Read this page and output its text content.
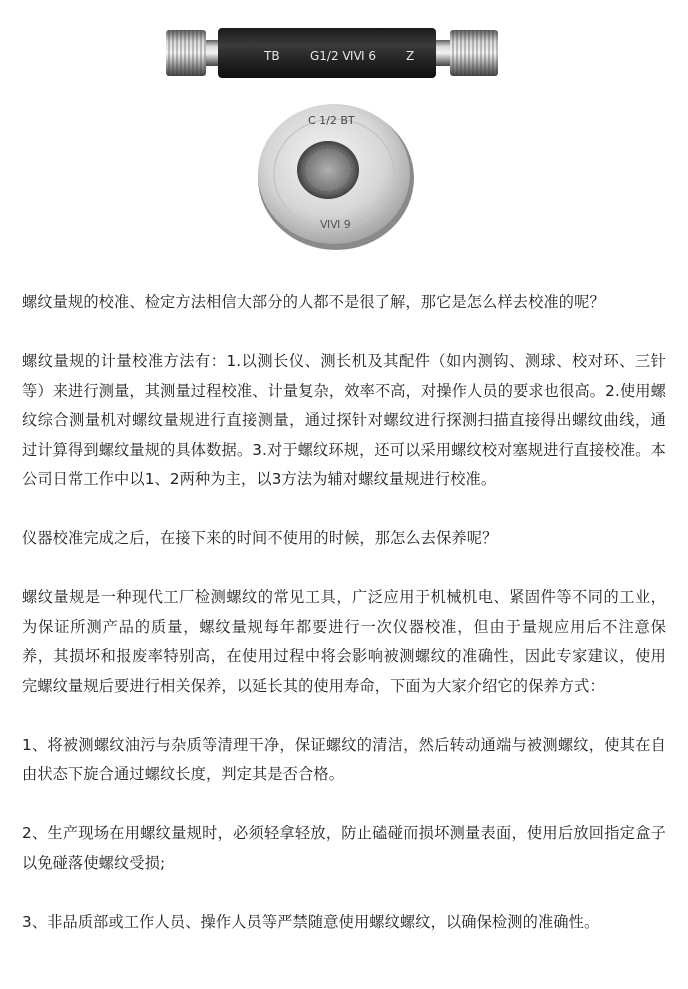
TB	G1/2 ⅥⅥ 6 Z
C 1/2 BT
ⅥⅥ 9

螺纹量规的校准、检定方法相信大部分的人都不是很了解，那它是怎么样去校准的呢？

螺纹量规的计量校准方法有：1.以测长仪、测长机及其配件（如内测钩、测球、校对环、三针等）来进行测量，其测量过程校准、计量复杂，效率不高，对操作人员的要求也很高。2.使用螺纹综合测量机对螺纹量规进行直接测量，通过探针对螺纹进行探测扫描直接得出螺纹曲线，通过计算得到螺纹量规的具体数据。3.对于螺纹环规，还可以采用螺纹校对塞规进行直接校准。本公司日常工作中以1、2两种为主，以3方法为辅对螺纹量规进行校准。

仪器校准完成之后，在接下来的时间不使用的时候，那怎么去保养呢？

螺纹量规是一种现代工厂检测螺纹的常见工具，广泛应用于机械机电、紧固件等不同的工业，为保证所测产品的质量，螺纹量规每年都要进行一次仪器校准，但由于量规应用后不注意保养，其损坏和报废率特别高，在使用过程中将会影响被测螺纹的准确性，因此专家建议，使用完螺纹量规后要进行相关保养，以延长其的使用寿命，下面为大家介绍它的保养方式：

1、将被测螺纹油污与杂质等清理干净，保证螺纹的清洁，然后转动通端与被测螺纹，使其在自由状态下旋合通过螺纹长度，判定其是否合格。

2、生产现场在用螺纹量规时，必须轻拿轻放，防止磕碰而损坏测量表面，使用后放回指定盒子以免碰落使螺纹受损;

3、非品质部或工作人员、操作人员等严禁随意使用螺纹螺纹，以确保检测的准确性。
